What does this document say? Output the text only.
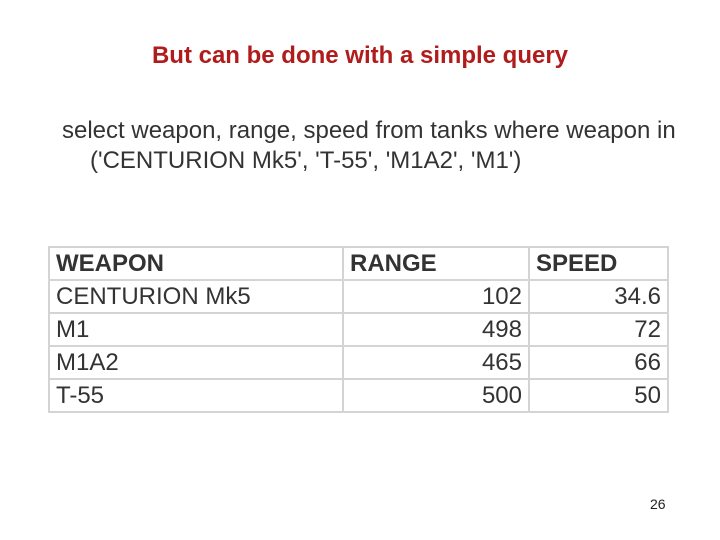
But can be done with a simple query

select weapon, range, speed from tanks where weapon in ('CENTURION Mk5', 'T-55', 'M1A2', 'M1')

WEAPON	RANGE	SPEED
CENTURION Mk5	102	34.6
M1	498	72
M1A2	465	66
T-55	500	50
26
